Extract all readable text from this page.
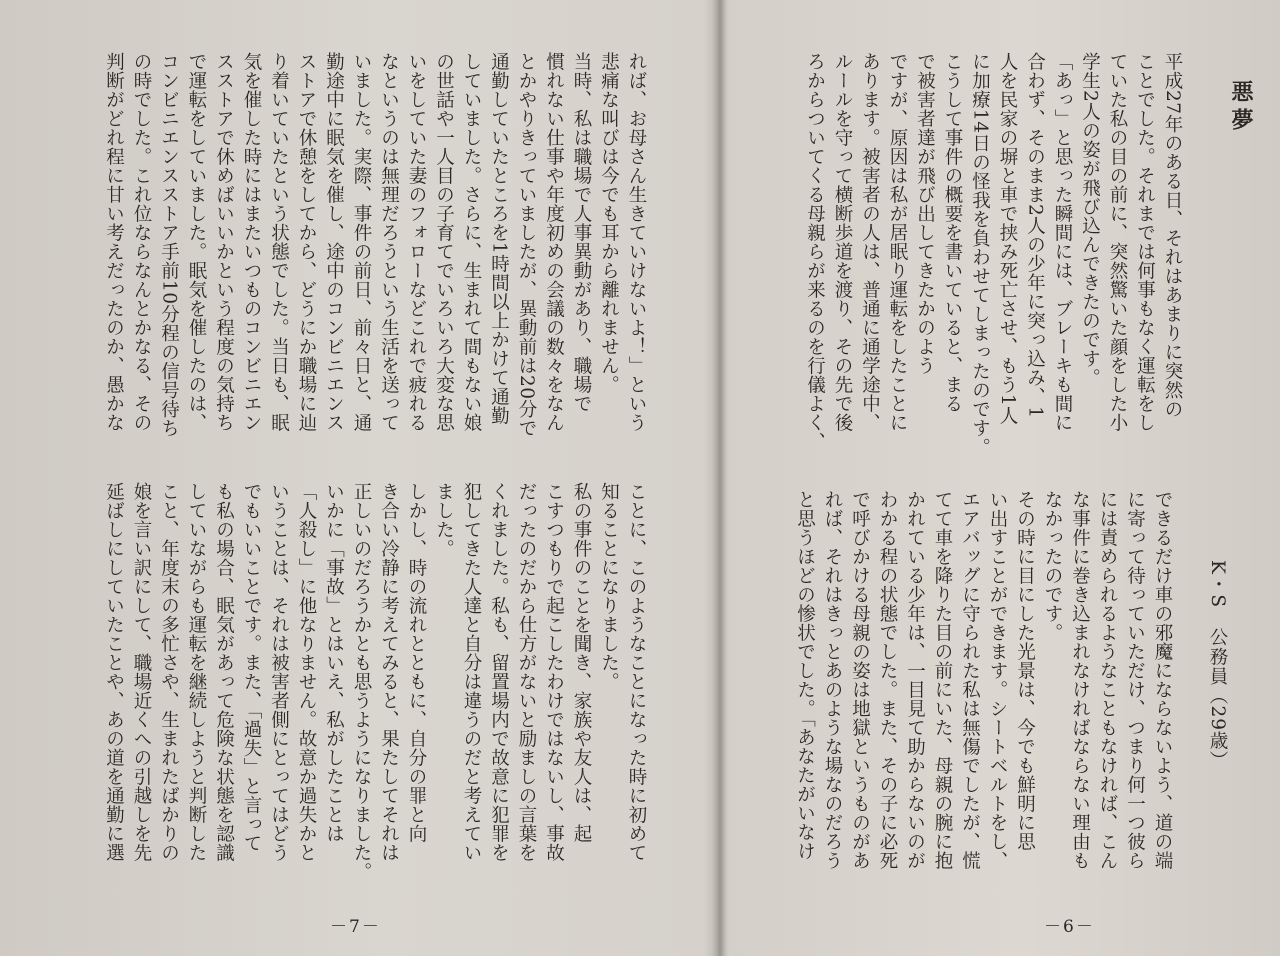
れば、お母さん生きていけないよ！」という
悲痛な叫びは今でも耳から離れません。
当時、私は職場で人事異動があり、職場で
慣れない仕事や年度初めの会議の数々をなん
とかやりきっていましたが、異動前は20分で
通勤していたところを1時間以上かけて通勤
していました。さらに、生まれて間もない娘
の世話や一人目の子育てでいろいろ大変な思
いをしていた妻のフォローなどこれで疲れる
なというのは無理だろうという生活を送って
いました。実際、事件の前日、前々日と、通
勤途中に眠気を催し、途中のコンビニエンス
ストアで休憩をしてから、どうにか職場に辿
り着いていたという状態でした。当日も、眠
気を催した時にはまたいつものコンビニエン
スストアで休めばいいかという程度の気持ち
で運転をしていました。眠気を催したのは、
コンビニエンスストア手前10分程の信号待ち
の時でした。これ位ならなんとかなる、その
判断がどれ程に甘い考えだったのか、愚かな
ことに、このようなことになった時に初めて
知ることになりました。
私の事件のことを聞き、家族や友人は、起
こすつもりで起こしたわけではないし、事故
だったのだから仕方がないと励ましの言葉を
くれました。私も、留置場内で故意に犯罪を
犯してきた人達と自分は違うのだと考えてい
ました。
しかし、時の流れとともに、自分の罪と向
き合い冷静に考えてみると、果たしてそれは
正しいのだろうかとも思うようになりました。
いかに「事故」とはいえ、私がしたことは
「人殺し」に他なりません。故意か過失かと
いうことは、それは被害者側にとってはどう
でもいいことです。また、「過失」と言って
も私の場合、眠気があって危険な状態を認識
していながらも運転を継続しようと判断した
こと、年度末の多忙さや、生まれたばかりの
娘を言い訳にして、職場近くへの引越しを先
延ばしにしていたことや、あの道を通勤に選
－7－
悪夢
平成27年のある日、それはあまりに突然の
ことでした。それまでは何事もなく運転をし
ていた私の目の前に、突然驚いた顔をした小
学生2人の姿が飛び込んできたのです。
「あっ」と思った瞬間には、ブレーキも間に
合わず、そのまま2人の少年に突っ込み、1
人を民家の塀と車で挟み死亡させ、もう1人
に加療14日の怪我を負わせてしまったのです。
こうして事件の概要を書いていると、まる
で被害者達が飛び出してきたかのよう
ですが、原因は私が居眠り運転をしたことに
あります。被害者の人は、普通に通学途中、
ルールを守って横断歩道を渡り、その先で後
ろからついてくる母親らが来るのを行儀よく、
K・S　公務員（29歳）
できるだけ車の邪魔にならないよう、道の端
に寄って待っていただけ、つまり何一つ彼ら
には責められるようなこともなければ、こん
な事件に巻き込まれなければならない理由も
なかったのです。
その時に目にした光景は、今でも鮮明に思
い出すことができます。シートベルトをし、
エアバッグに守られた私は無傷でしたが、慌
てて車を降りた目の前にいた、母親の腕に抱
かれている少年は、一目見て助からないのが
わかる程の状態でした。また、その子に必死
で呼びかける母親の姿は地獄というものがあ
れば、それはきっとあのような場なのだろう
と思うほどの惨状でした。「あなたがいなけ
－6－
